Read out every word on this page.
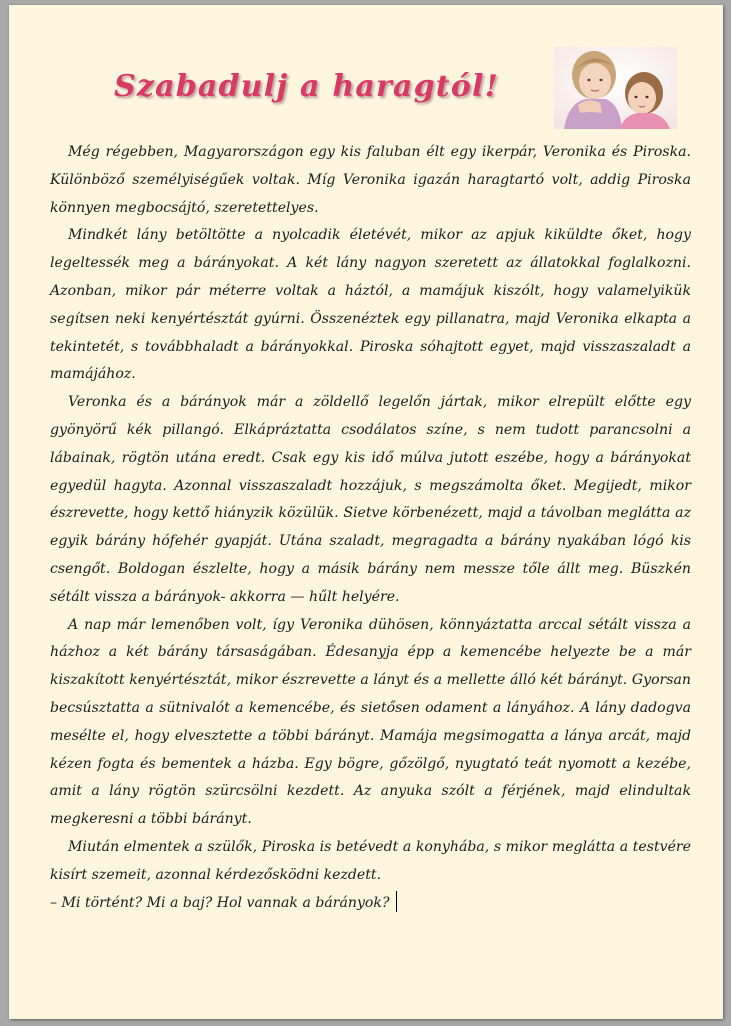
Szabadulj a haragtól!

Még régebben, Magyarországon egy kis faluban élt egy ikerpár, Veronika és Piroska. Különböző személyiségűek voltak. Míg Veronika igazán haragtartó volt, addig Piroska könnyen megbocsájtó, szeretettelyes.

Mindkét lány betöltötte a nyolcadik életévét, mikor az apjuk kiküldte őket, hogy legeltessék meg a bárányokat. A két lány nagyon szeretett az állatokkal foglalkozni. Azonban, mikor pár méterre voltak a háztól, a mamájuk kiszólt, hogy valamelyikük segítsen neki kenyértésztát gyúrni. Összenéztek egy pillanatra, majd Veronika elkapta a tekintetét, s továbbhaladt a bárányokkal. Piroska sóhajtott egyet, majd visszaszaladt a mamájához.

Veronka és a bárányok már a zöldellő legelőn jártak, mikor elrepült előtte egy gyönyörű kék pillangó. Elkápráztatta csodálatos színe, s nem tudott parancsolni a lábainak, rögtön utána eredt. Csak egy kis idő múlva jutott eszébe, hogy a bárányokat egyedül hagyta. Azonnal visszaszaladt hozzájuk, s megszámolta őket. Megijedt, mikor észrevette, hogy kettő hiányzik közülük. Sietve körbenézett, majd a távolban meglátta az egyik bárány hófehér gyapját. Utána szaladt, megragadta a bárány nyakában lógó kis csengőt. Boldogan észlelte, hogy a másik bárány nem messze tőle állt meg. Büszkén sétált vissza a bárányok- akkorra — hűlt helyére.

A nap már lemenőben volt, így Veronika dühösen, könnyáztatta arccal sétált vissza a házhoz a két bárány társaságában. Édesanyja épp a kemencébe helyezte be a már kiszakított kenyértésztát, mikor észrevette a lányt és a mellette álló két bárányt. Gyorsan becsúsztatta a sütnivalót a kemencébe, és sietősen odament a lányához. A lány dadogva mesélte el, hogy elvesztette a többi bárányt. Mamája megsimogatta a lánya arcát, majd kézen fogta és bementek a házba. Egy bögre, gőzölgő, nyugtató teát nyomott a kezébe, amit a lány rögtön szürcsölni kezdett. Az anyuka szólt a férjének, majd elindultak megkeresni a többi bárányt.

Miután elmentek a szülők, Piroska is betévedt a konyhába, s mikor meglátta a testvére kisírt szemeit, azonnal kérdezősködni kezdett.

– Mi történt? Mi a baj? Hol vannak a bárányok?
